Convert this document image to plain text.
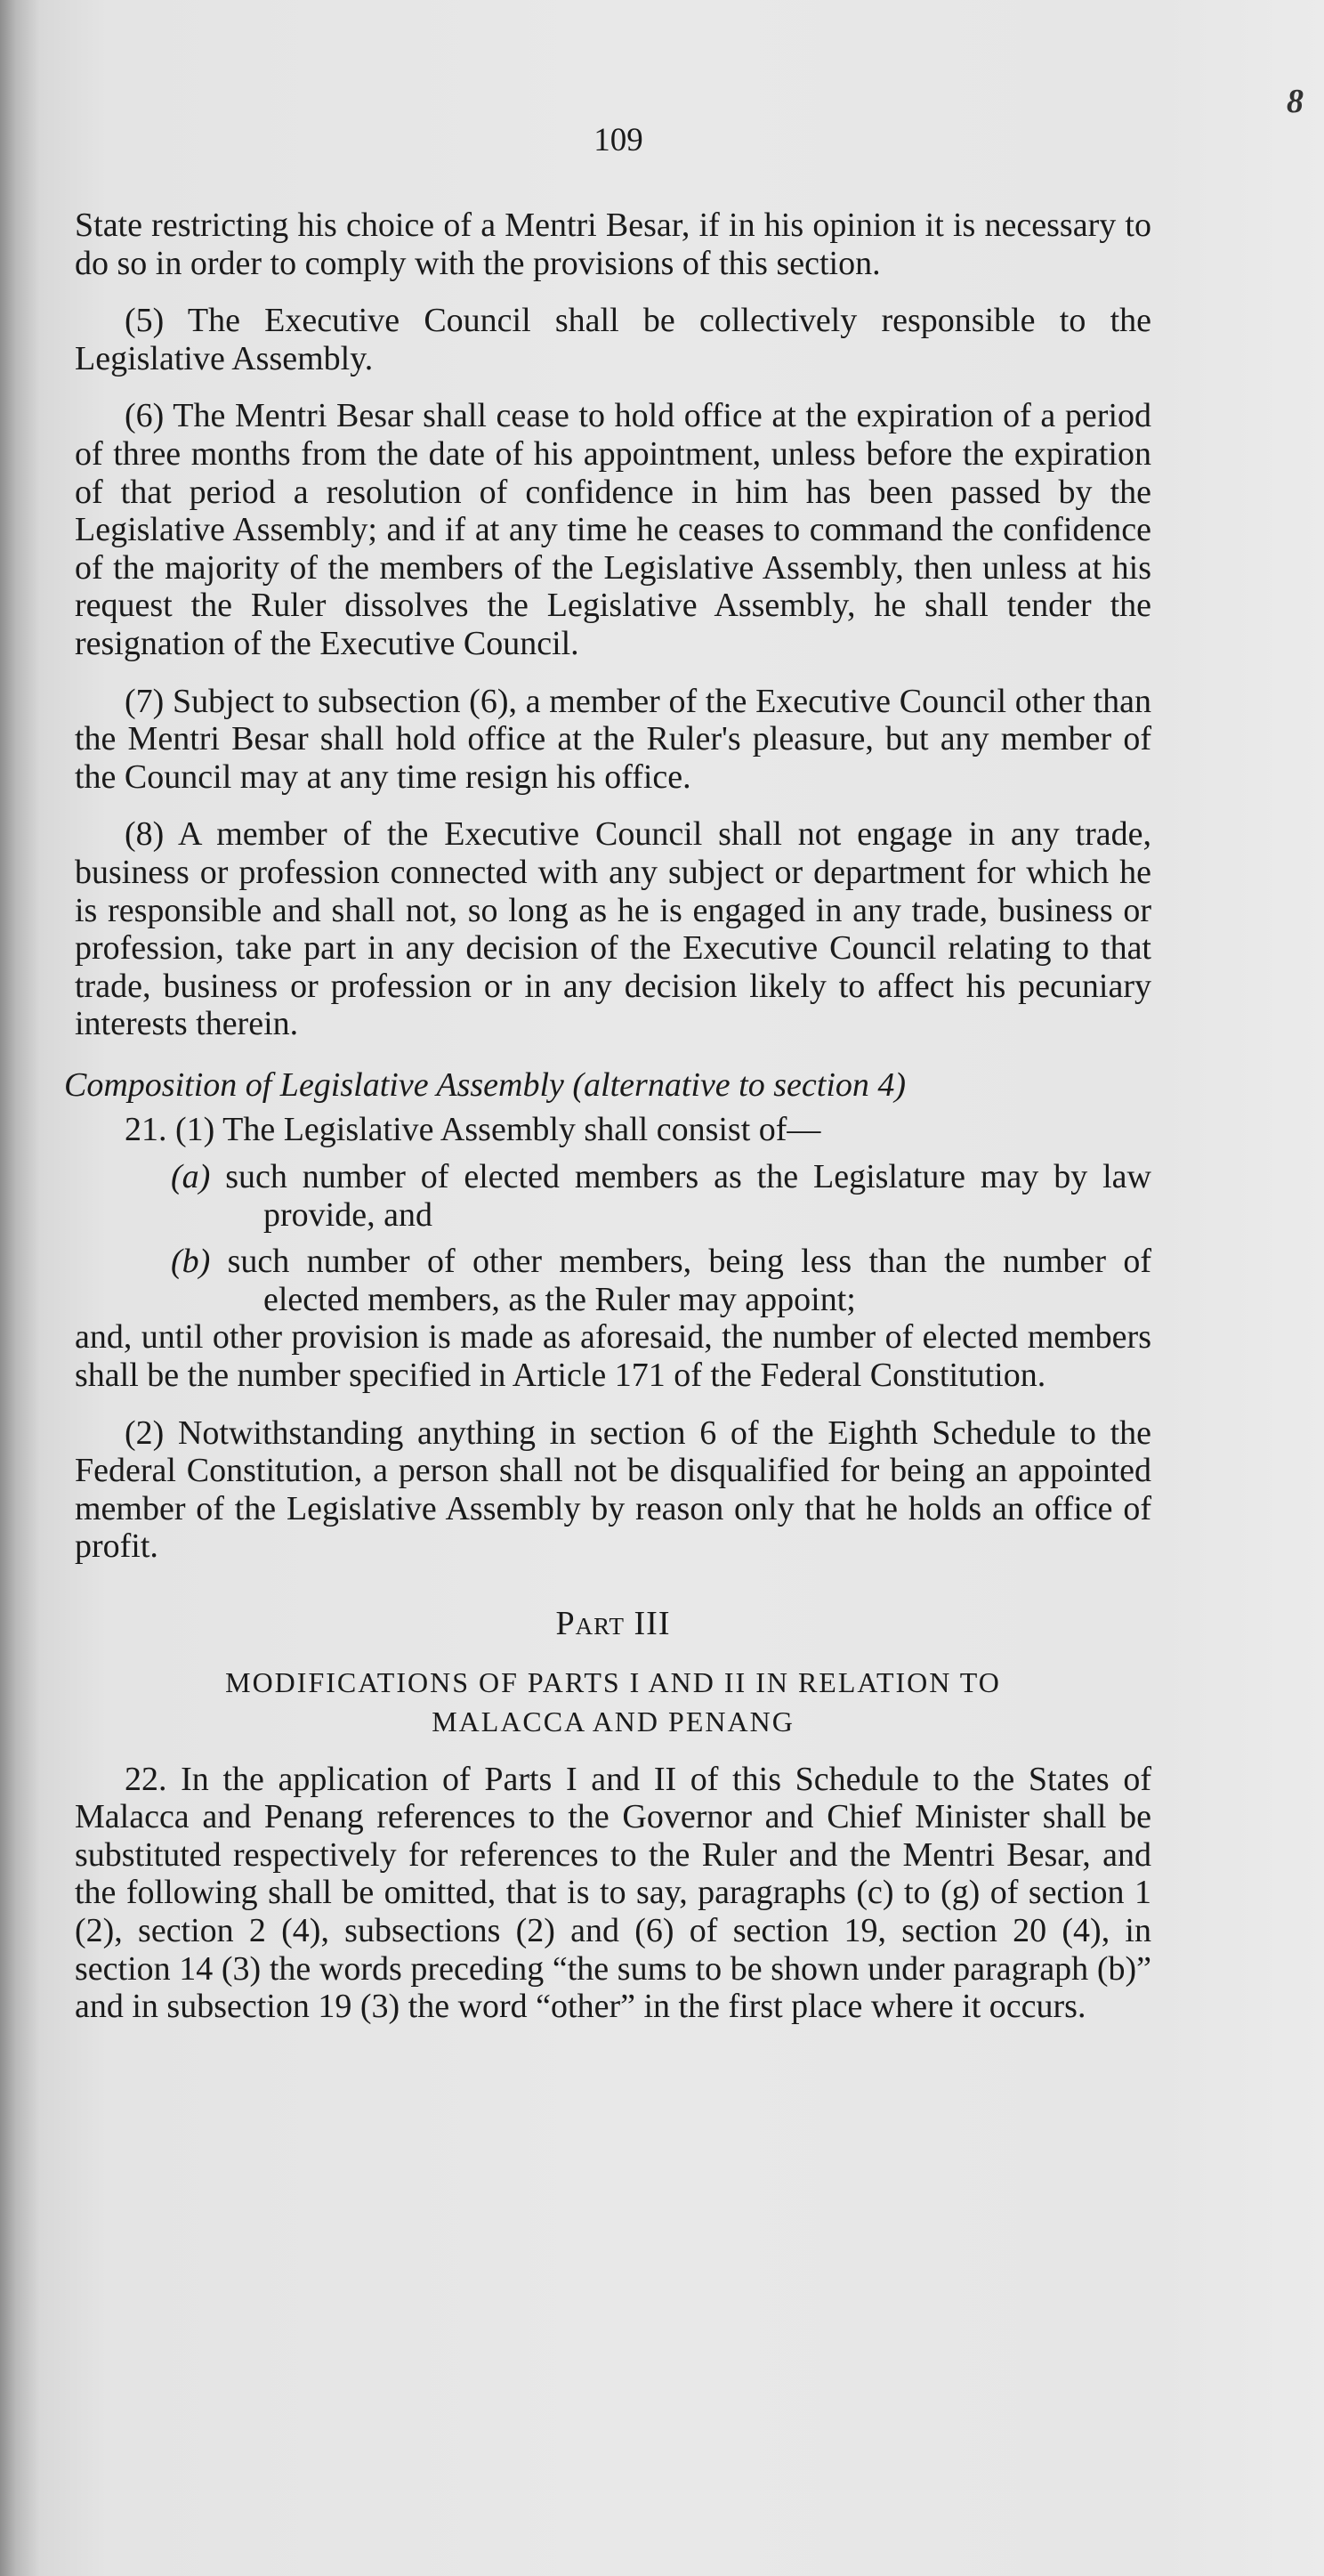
109
8

State restricting his choice of a Mentri Besar, if in his opinion it is necessary to do so in order to comply with the provisions of this section.

(5) The Executive Council shall be collectively responsible to the Legislative Assembly.

(6) The Mentri Besar shall cease to hold office at the expiration of a period of three months from the date of his appointment, unless before the expiration of that period a resolution of confidence in him has been passed by the Legislative Assembly; and if at any time he ceases to command the confidence of the majority of the members of the Legislative Assembly, then unless at his request the Ruler dissolves the Legislative Assembly, he shall tender the resignation of the Executive Council.

(7) Subject to subsection (6), a member of the Executive Council other than the Mentri Besar shall hold office at the Ruler's pleasure, but any member of the Council may at any time resign his office.

(8) A member of the Executive Council shall not engage in any trade, business or profession connected with any subject or department for which he is responsible and shall not, so long as he is engaged in any trade, business or profession, take part in any decision of the Executive Council relating to that trade, business or profession or in any decision likely to affect his pecuniary interests therein.

Composition of Legislative Assembly (alternative to section 4)

21. (1) The Legislative Assembly shall consist of—

(a) such number of elected members as the Legislature may by law provide, and

(b) such number of other members, being less than the number of elected members, as the Ruler may appoint;

and, until other provision is made as aforesaid, the number of elected members shall be the number specified in Article 171 of the Federal Constitution.

(2) Notwithstanding anything in section 6 of the Eighth Schedule to the Federal Constitution, a person shall not be disqualified for being an appointed member of the Legislative Assembly by reason only that he holds an office of profit.

Part III

MODIFICATIONS OF PARTS I AND II IN RELATION TO
MALACCA AND PENANG

22. In the application of Parts I and II of this Schedule to the States of Malacca and Penang references to the Governor and Chief Minister shall be substituted respectively for references to the Ruler and the Mentri Besar, and the following shall be omitted, that is to say, paragraphs (c) to (g) of section 1 (2), section 2 (4), subsections (2) and (6) of section 19, section 20 (4), in section 14 (3) the words preceding “the sums to be shown under paragraph (b)” and in subsection 19 (3) the word “other” in the first place where it occurs.
